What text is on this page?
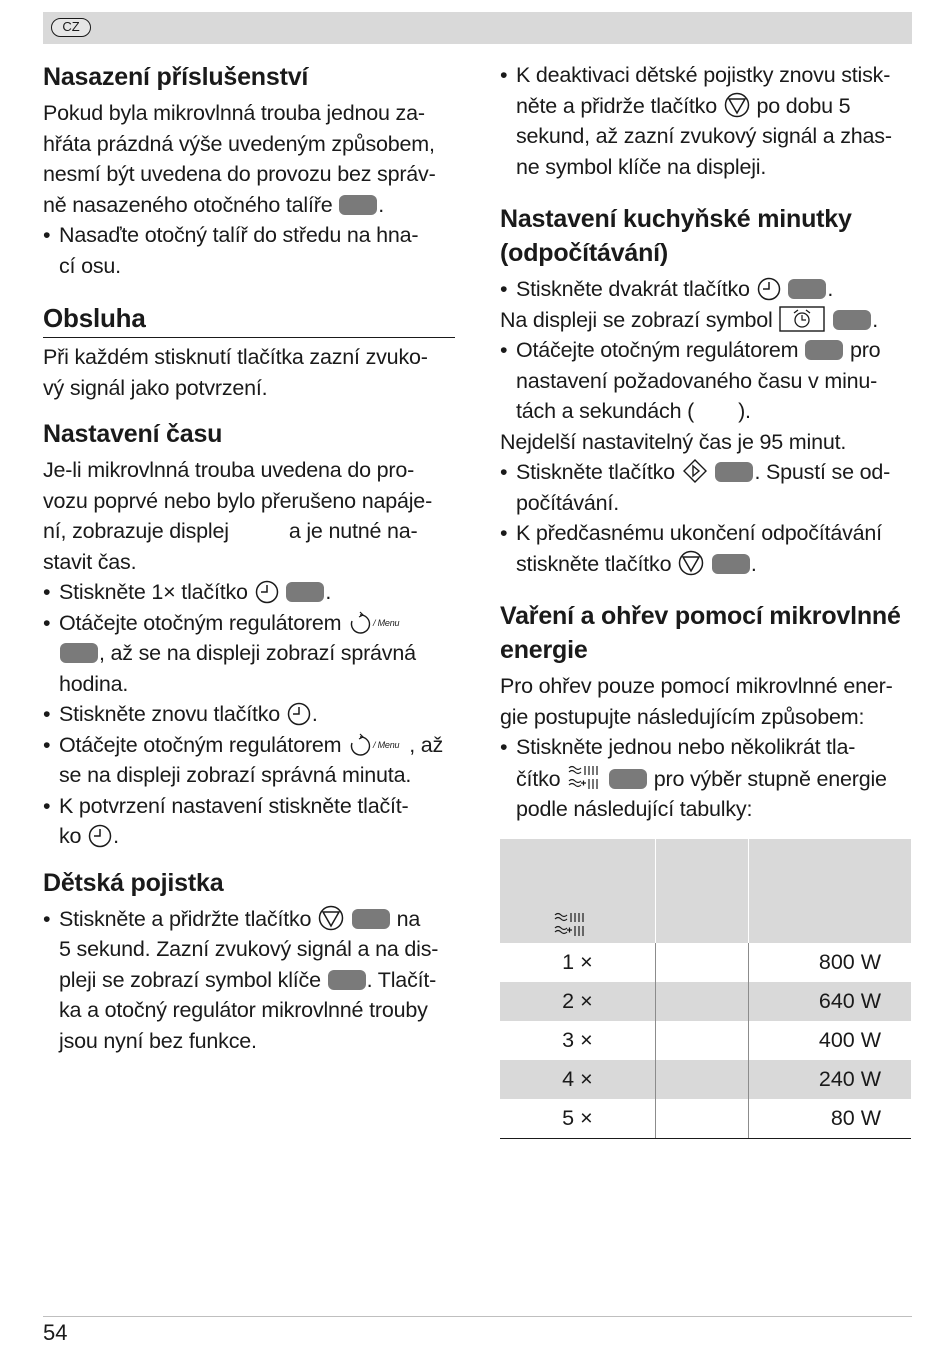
CZ
Nasazení příslušenství

Pokud byla mikrovlnná trouba jednou za-

hřáta prázdná výše uvedeným způsobem,

nesmí být uvedena do provozu bez správ-

ně nasazeného otočného talíře .

• Nasaďte otočný talíř do středu na hna-
cí osu.
Obsluha

Při každém stisknutí tlačítka zazní zvuko-
vý signál jako potvrzení.

Nastavení času

Je-li mikrovlnná trouba uvedena do pro-
vozu poprvé nebo bylo přerušeno napáje-
ní, zobrazuje displej	a je nutné na-
stavit čas.

• Stiskněte 1× tlačítko	.
• Otáčejte otočným regulátorem	/ Menu

, až se na displeji zobrazí správná
hodina.
• Stiskněte znovu tlačítko .
• Otáčejte otočným regulátorem	/ Menu , až
se na displeji zobrazí správná minuta.
• K potvrzení nastavení stiskněte tlačít-
ko .
Dětská pojistka
• Stiskněte a přidržte tlačítko	na
5 sekund. Zazní zvukový signál a na dis-
pleji se zobrazí symbol klíče . Tlačít-
ka a otočný regulátor mikrovlnné trouby
jsou nyní bez funkce.
• K deaktivaci dětské pojistky znovu stisk-
něte a přidrže tlačítko po dobu 5
sekund, až zazní zvukový signál a zhas-
ne symbol klíče na displeji.
Nastavení kuchyňské minutky
(odpočítávání)
• Stiskněte dvakrát tlačítko	.

Na displeji se zobrazí symbol	.

• Otáčejte otočným regulátorem pro
nastavení požadovaného času v minu-
tách a sekundách ( ).

Nejdelší nastavitelný čas je 95 minut.

• Stiskněte tlačítko	. Spustí se od-
počítávání.
• K předčasnému ukončení odpočítávání
stiskněte tlačítko	.
Vaření a ohřev pomocí mikrovlnné
energie

Pro ohřev pouze pomocí mikrovlnné ener-
gie postupujte následujícím způsobem:

• Stiskněte jednou nebo několikrát tla-
čítko	pro výběr stupně energie
podle následující tabulky:

1 ×		800 W
2 ×		640 W
3 ×		400 W
4 ×		240 W
5 ×		80 W
54
